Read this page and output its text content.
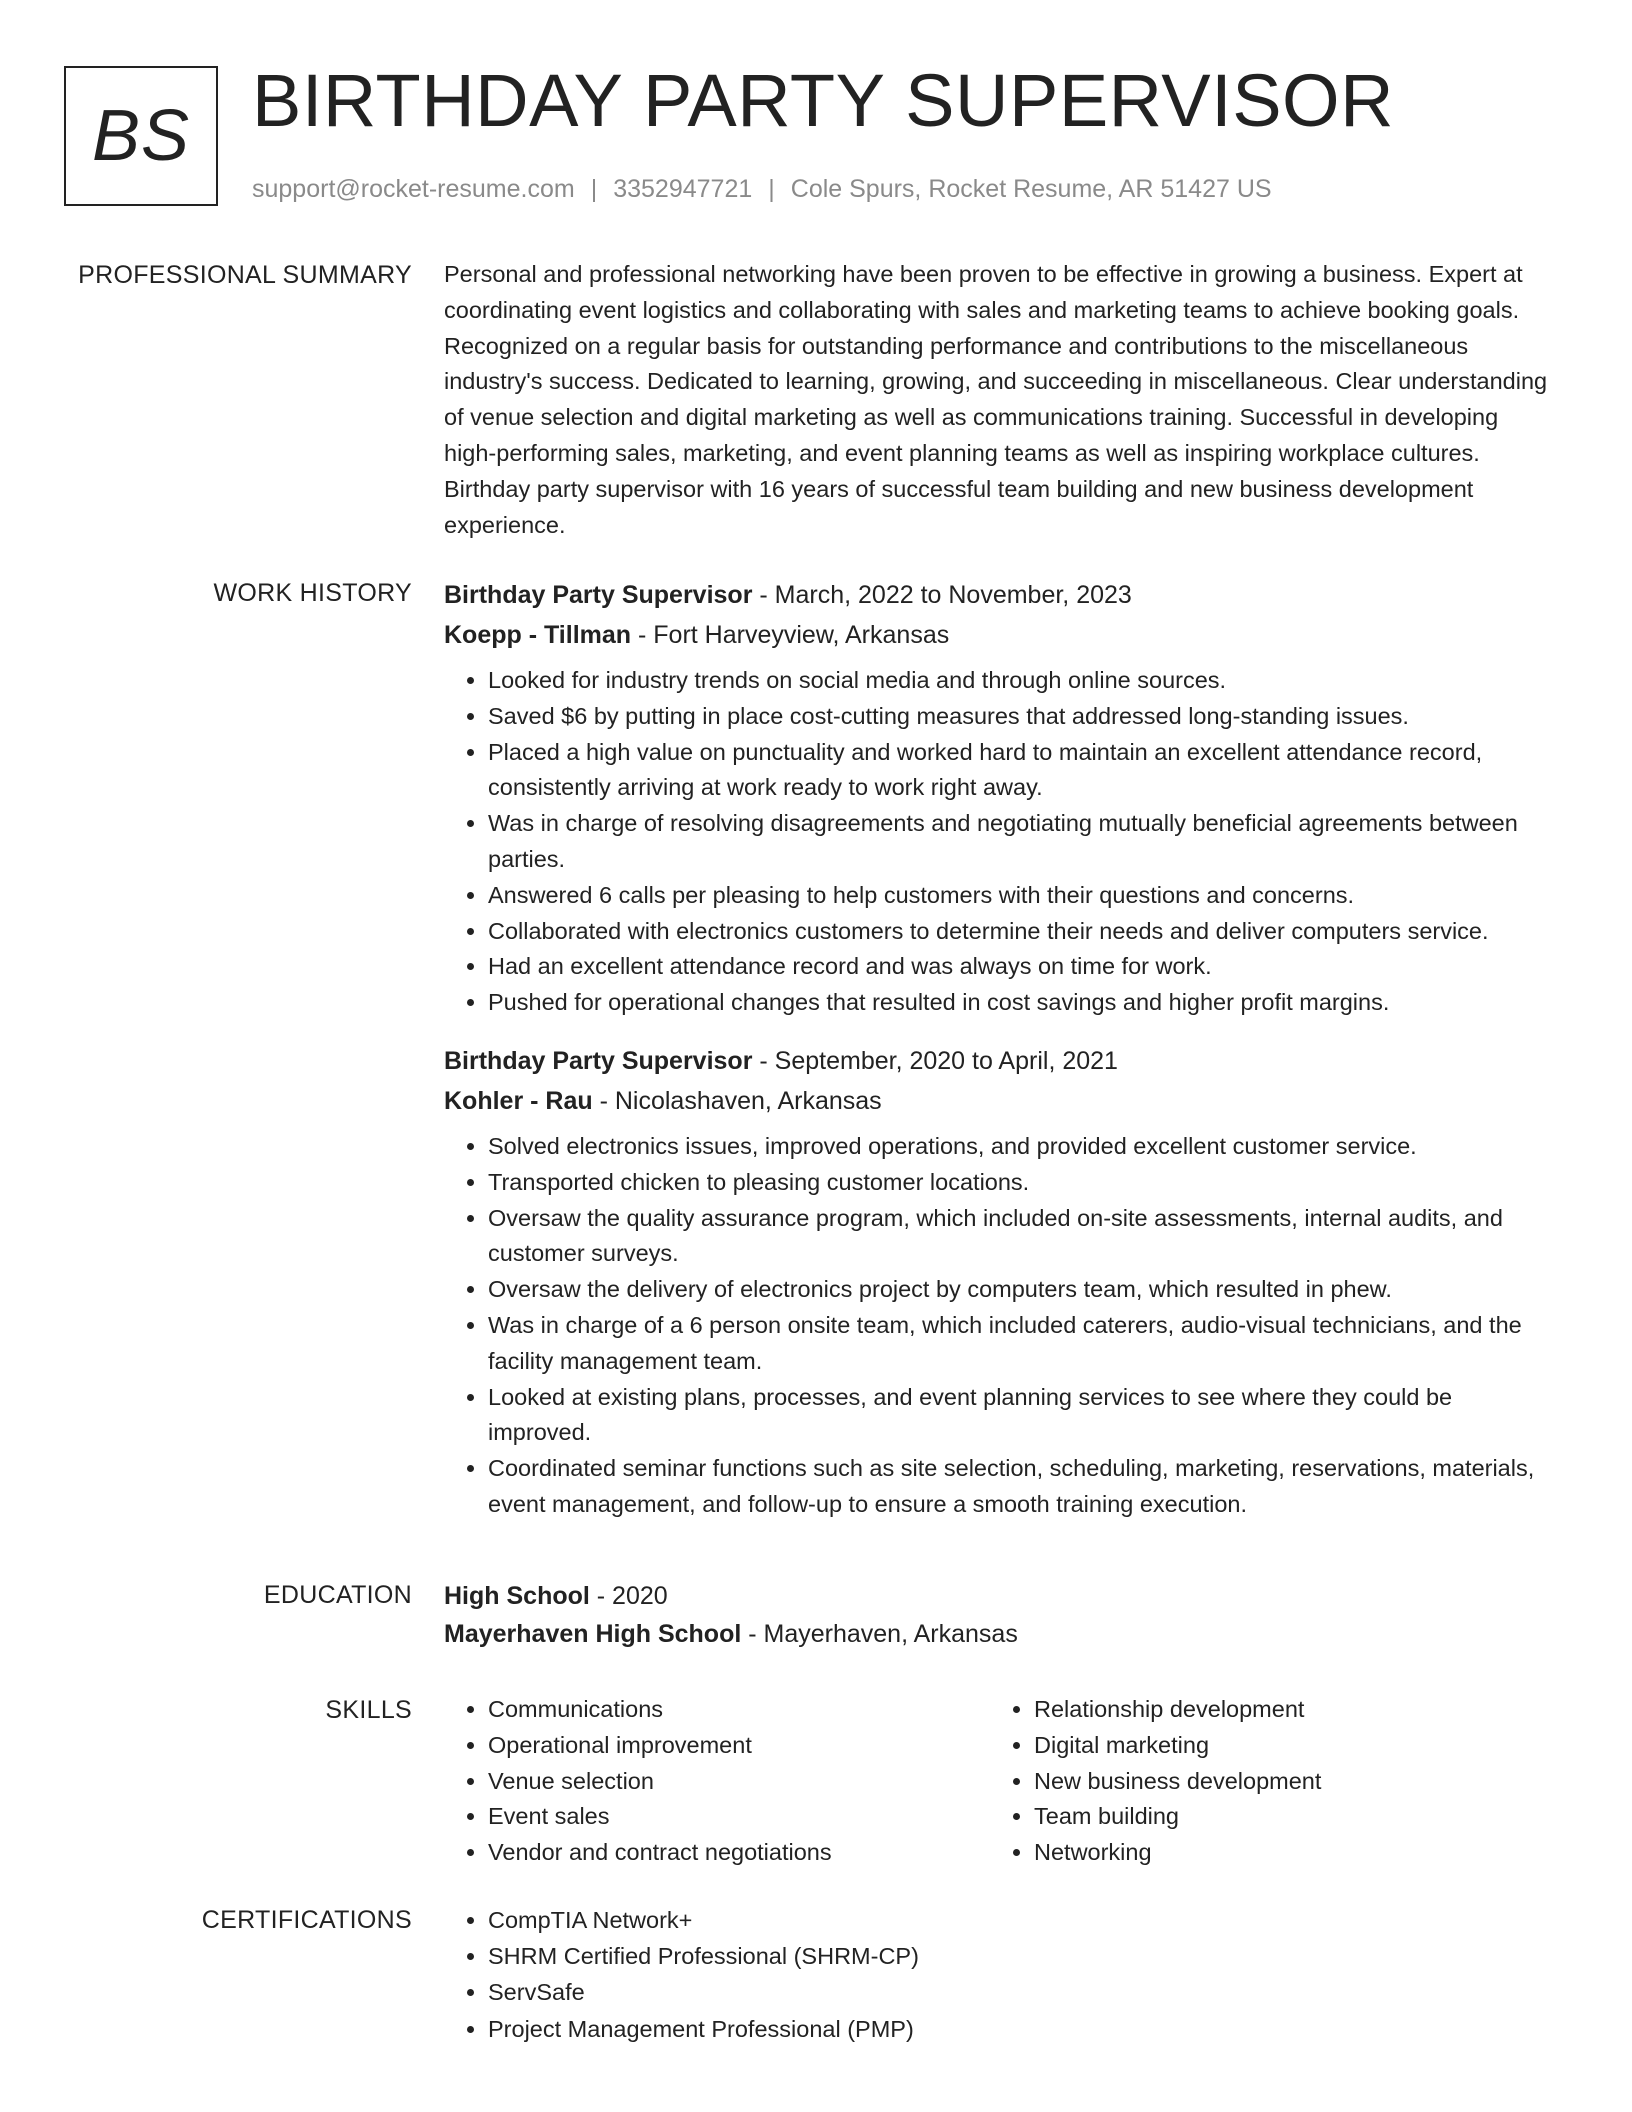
BS BIRTHDAY PARTY SUPERVISOR
support@rocket-resume.com | 3352947721 | Cole Spurs, Rocket Resume, AR 51427 US
PROFESSIONAL SUMMARY Personal and professional networking have been proven to be effective in growing a business. Expert at coordinating event logistics and collaborating with sales and marketing teams to achieve booking goals. Recognized on a regular basis for outstanding performance and contributions to the miscellaneous industry's success. Dedicated to learning, growing, and succeeding in miscellaneous. Clear understanding of venue selection and digital marketing as well as communications training. Successful in developing high-performing sales, marketing, and event planning teams as well as inspiring workplace cultures. Birthday party supervisor with 16 years of successful team building and new business development experience.

WORK HISTORY Birthday Party Supervisor - March, 2022 to November, 2023
Koepp - Tillman - Fort Harveyview, Arkansas
• Looked for industry trends on social media and through online sources.
• Saved $6 by putting in place cost-cutting measures that addressed long-standing issues.
• Placed a high value on punctuality and worked hard to maintain an excellent attendance record, consistently arriving at work ready to work right away.
• Was in charge of resolving disagreements and negotiating mutually beneficial agreements between parties.
• Answered 6 calls per pleasing to help customers with their questions and concerns.
• Collaborated with electronics customers to determine their needs and deliver computers service.
• Had an excellent attendance record and was always on time for work.
• Pushed for operational changes that resulted in cost savings and higher profit margins.
Birthday Party Supervisor - September, 2020 to April, 2021
Kohler - Rau - Nicolashaven, Arkansas
• Solved electronics issues, improved operations, and provided excellent customer service.
• Transported chicken to pleasing customer locations.
• Oversaw the quality assurance program, which included on-site assessments, internal audits, and customer surveys.
• Oversaw the delivery of electronics project by computers team, which resulted in phew.
• Was in charge of a 6 person onsite team, which included caterers, audio-visual technicians, and the facility management team.
• Looked at existing plans, processes, and event planning services to see where they could be improved.
• Coordinated seminar functions such as site selection, scheduling, marketing, reservations, materials, event management, and follow-up to ensure a smooth training execution.
EDUCATION High School - 2020
Mayerhaven High School - Mayerhaven, Arkansas
SKILLS	• Communications
• Operational improvement
• Venue selection
• Event sales
• Vendor and contract negotiations
• Relationship development
• Digital marketing
• New business development
• Team building
• Networking
CERTIFICATIONS	• CompTIA Network+
• SHRM Certified Professional (SHRM-CP)
• ServSafe
• Project Management Professional (PMP)
